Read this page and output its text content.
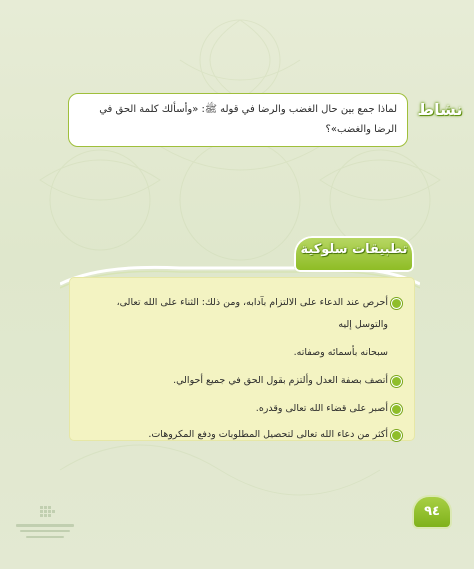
لماذا جمع بين حال الغضب والرضا في قوله ﷺ: «وأسألك كلمة الحق في الرضا والغضب»؟
نشاط
تطبيقات سلوكية
أحرص عند الدعاء على الالتزام بآدابه، ومن ذلك: الثناء على الله تعالى، والتوسل إليه
سبحانه بأسمائه وصفاته.
أتصف بصفة العدل وألتزم بقول الحق في جميع أحوالي.
أصبر على قضاء الله تعالى وقدره.
أكثر من دعاء الله تعالى لتحصيل المطلوبات ودفع المكروهات.
٩٤
